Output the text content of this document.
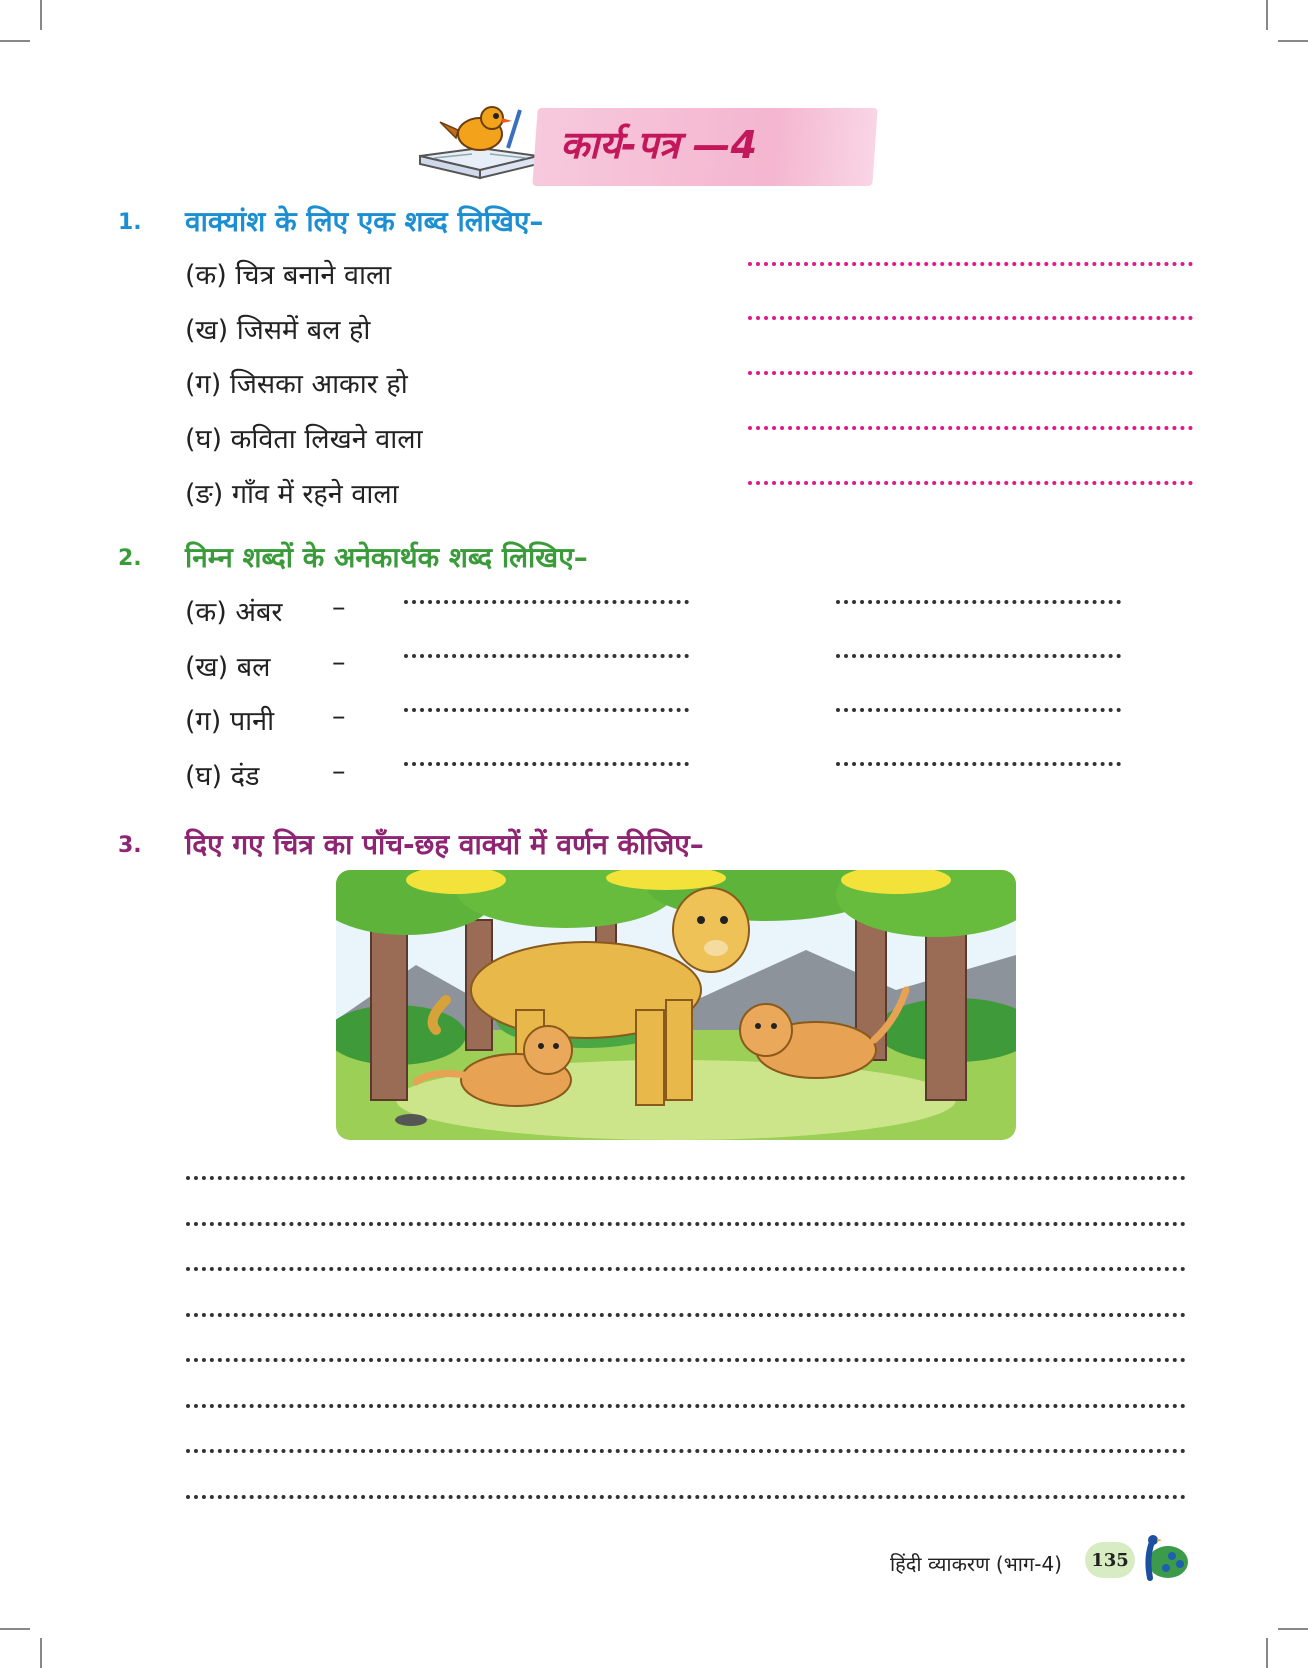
कार्य-पत्र —4
1. वाक्यांश के लिए एक शब्द लिखिए–
(क) चित्र बनाने वाला
(ख) जिसमें बल हो
(ग) जिसका आकार हो
(घ) कविता लिखने वाला
(ङ) गाँव में रहने वाला
2. निम्न शब्दों के अनेकार्थक शब्द लिखिए–
(क) अंबर –
(ख) बल –
(ग) पानी –
(घ) दंड	–
3. दिए गए चित्र का पाँच-छह वाक्यों में वर्णन कीजिए–
हिंदी व्याकरण (भाग-4)	135
